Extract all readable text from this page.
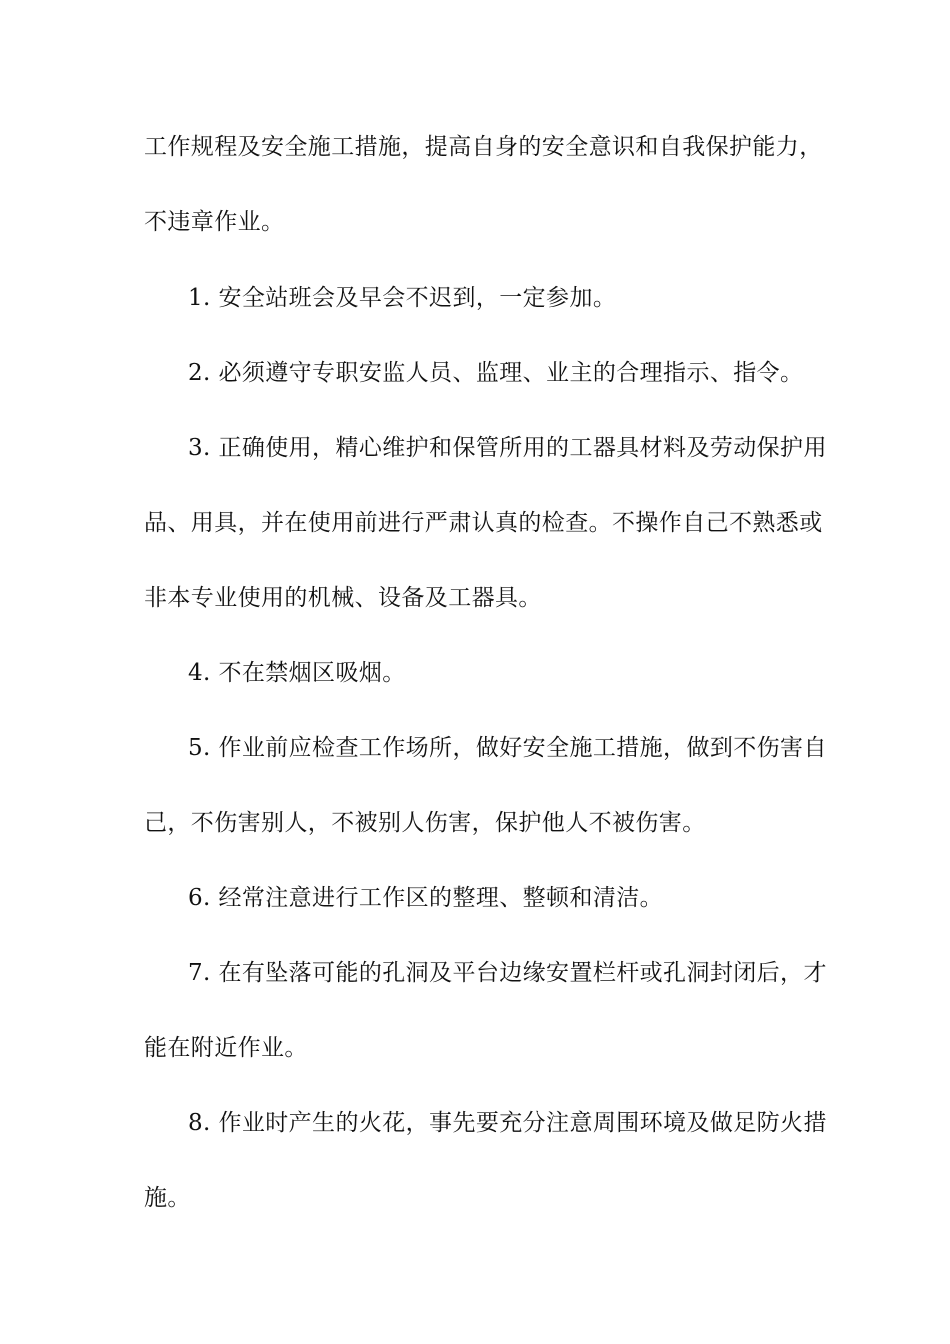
工作规程及安全施工措施，提高自身的安全意识和自我保护能力，
不违章作业。
1. 安全站班会及早会不迟到，一定参加。
2. 必须遵守专职安监人员、监理、业主的合理指示、指令。
3. 正确使用，精心维护和保管所用的工器具材料及劳动保护用
品、用具，并在使用前进行严肃认真的检查。不操作自己不熟悉或
非本专业使用的机械、设备及工器具。
4. 不在禁烟区吸烟。
5. 作业前应检查工作场所，做好安全施工措施，做到不伤害自
己，不伤害别人，不被别人伤害，保护他人不被伤害。
6. 经常注意进行工作区的整理、整顿和清洁。
7. 在有坠落可能的孔洞及平台边缘安置栏杆或孔洞封闭后，才
能在附近作业。
8. 作业时产生的火花，事先要充分注意周围环境及做足防火措
施。
